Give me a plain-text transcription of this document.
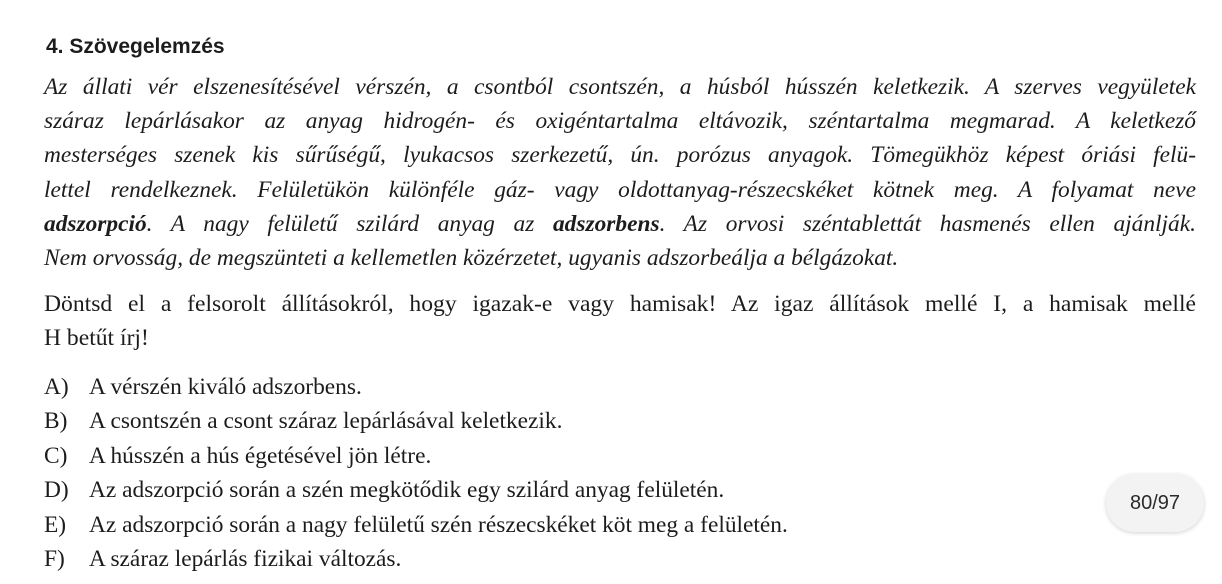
4. Szövegelemzés
Az állati vér elszenesítésével vérszén, a csontból csontszén, a húsból hússzén keletkezik. A szerves vegyületek
száraz lepárlásakor az anyag hidrogén- és oxigéntartalma eltávozik, széntartalma megmarad. A keletkező
mesterséges szenek kis sűrűségű, lyukacsos szerkezetű, ún. porózus anyagok. Tömegükhöz képest óriási felü-
lettel rendelkeznek. Felületükön különféle gáz- vagy oldottanyag-részecskéket kötnek meg. A folyamat neve
adszorpció. A nagy felületű szilárd anyag az adszorbens. Az orvosi széntablettát hasmenés ellen ajánlják.
Nem orvosság, de megszünteti a kellemetlen közérzetet, ugyanis adszorbeálja a bélgázokat.
Döntsd el a felsorolt állításokról, hogy igazak-e vagy hamisak! Az igaz állítások mellé I, a hamisak mellé
H betűt írj!
A) A vérszén kiváló adszorbens.
B) A csontszén a csont száraz lepárlásával keletkezik.
C) A hússzén a hús égetésével jön létre.
D) Az adszorpció során a szén megkötődik egy szilárd anyag felületén.
E) Az adszorpció során a nagy felületű szén részecskéket köt meg a felületén.
F)	A száraz lepárlás fizikai változás.
80/97
